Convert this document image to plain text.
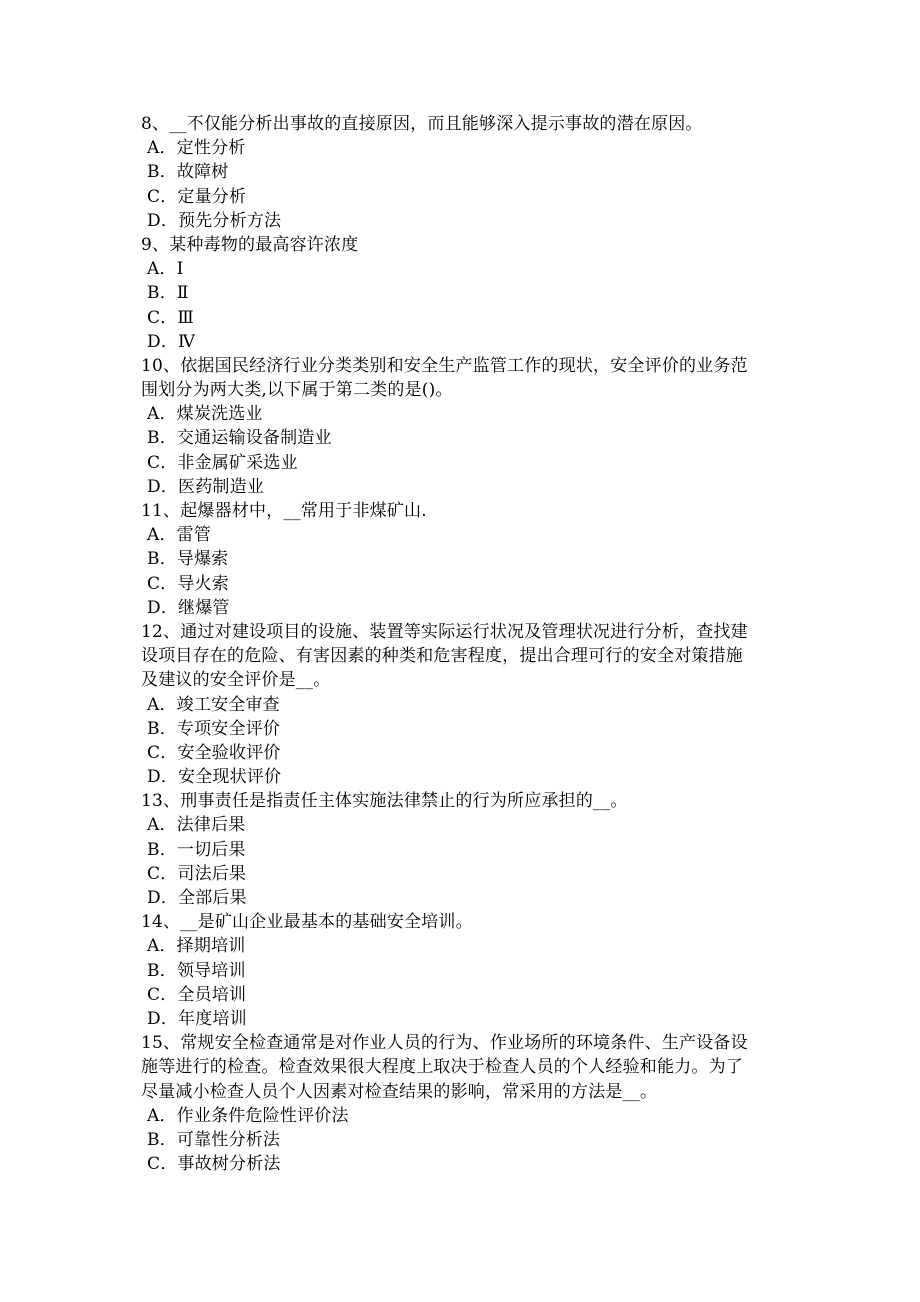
8、__不仅能分析出事故的直接原因，而且能够深入提示事故的潜在原因。
A．定性分析
B．故障树
C．定量分析
D．预先分析方法
9、某种毒物的最高容许浓度
A．Ⅰ
B．Ⅱ
C．Ⅲ
D．Ⅳ
10、依据国民经济行业分类类别和安全生产监管工作的现状，安全评价的业务范
围划分为两大类,以下属于第二类的是()。
A．煤炭洗选业
B．交通运输设备制造业
C．非金属矿采选业
D．医药制造业
11、起爆器材中，__常用于非煤矿山.
A．雷管
B．导爆索
C．导火索
D．继爆管
12、通过对建设项目的设施、装置等实际运行状况及管理状况进行分析，查找建
设项目存在的危险、有害因素的种类和危害程度，提出合理可行的安全对策措施
及建议的安全评价是__。
A．竣工安全审查
B．专项安全评价
C．安全验收评价
D．安全现状评价
13、刑事责任是指责任主体实施法律禁止的行为所应承担的__。
A．法律后果
B．一切后果
C．司法后果
D．全部后果
14、__是矿山企业最基本的基础安全培训。
A．择期培训
B．领导培训
C．全员培训
D．年度培训
15、常规安全检查通常是对作业人员的行为、作业场所的环境条件、生产设备设
施等进行的检查。检查效果很大程度上取决于检查人员的个人经验和能力。为了
尽量减小检查人员个人因素对检查结果的影响，常采用的方法是__。
A．作业条件危险性评价法
B．可靠性分析法
C．事故树分析法
